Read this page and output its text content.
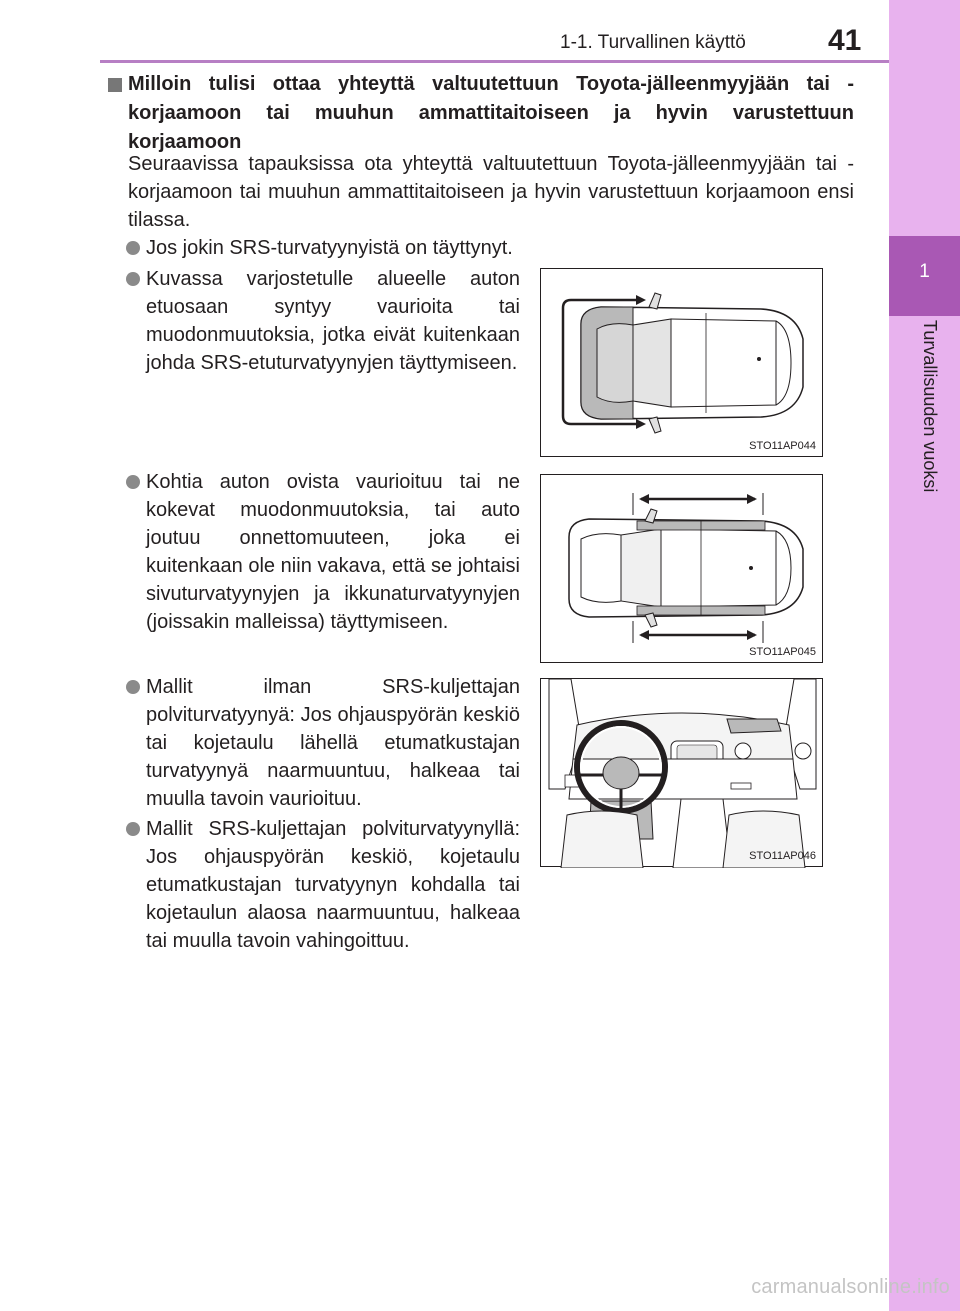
1-1. Turvallinen käyttö	41
1
Turvallisuuden vuoksi
Milloin tulisi ottaa yhteyttä valtuutettuun Toyota-jälleenmyyjään tai -korjaamoon tai muuhun ammattitaitoiseen ja hyvin varustettuun korjaamoon
Seuraavissa tapauksissa ota yhteyttä valtuutettuun Toyota-jälleenmyyjään tai -korjaamoon tai muuhun ammattitaitoiseen ja hyvin varustettuun korjaamoon ensi tilassa.
Jos jokin SRS-turvatyynyistä on täyttynyt.
Kuvassa varjostetulle alueelle auton etuosaan syntyy vaurioita tai muodonmuutoksia, jotka eivät kuitenkaan johda SRS-etuturvatyynyjen täyttymiseen.
Kohtia auton ovista vaurioituu tai ne kokevat muodonmuutoksia, tai auto joutuu onnettomuuteen, joka ei kuitenkaan ole niin vakava, että se johtaisi sivuturvatyynyjen ja ikkunaturvatyynyjen (joissakin malleissa) täyttymiseen.
Mallit ilman SRS-kuljettajan polviturvatyynyä: Jos ohjauspyörän keskiö tai kojetaulu lähellä etumatkustajan turvatyynyä naarmuuntuu, halkeaa tai muulla tavoin vaurioituu.
Mallit SRS-kuljettajan polviturvatyynyllä: Jos ohjauspyörän keskiö, kojetaulu etumatkustajan turvatyynyn kohdalla tai kojetaulun alaosa naarmuuntuu, halkeaa tai muulla tavoin vahingoittuu.
STO11AP044
STO11AP045
STO11AP046
carmanualsonline.info
